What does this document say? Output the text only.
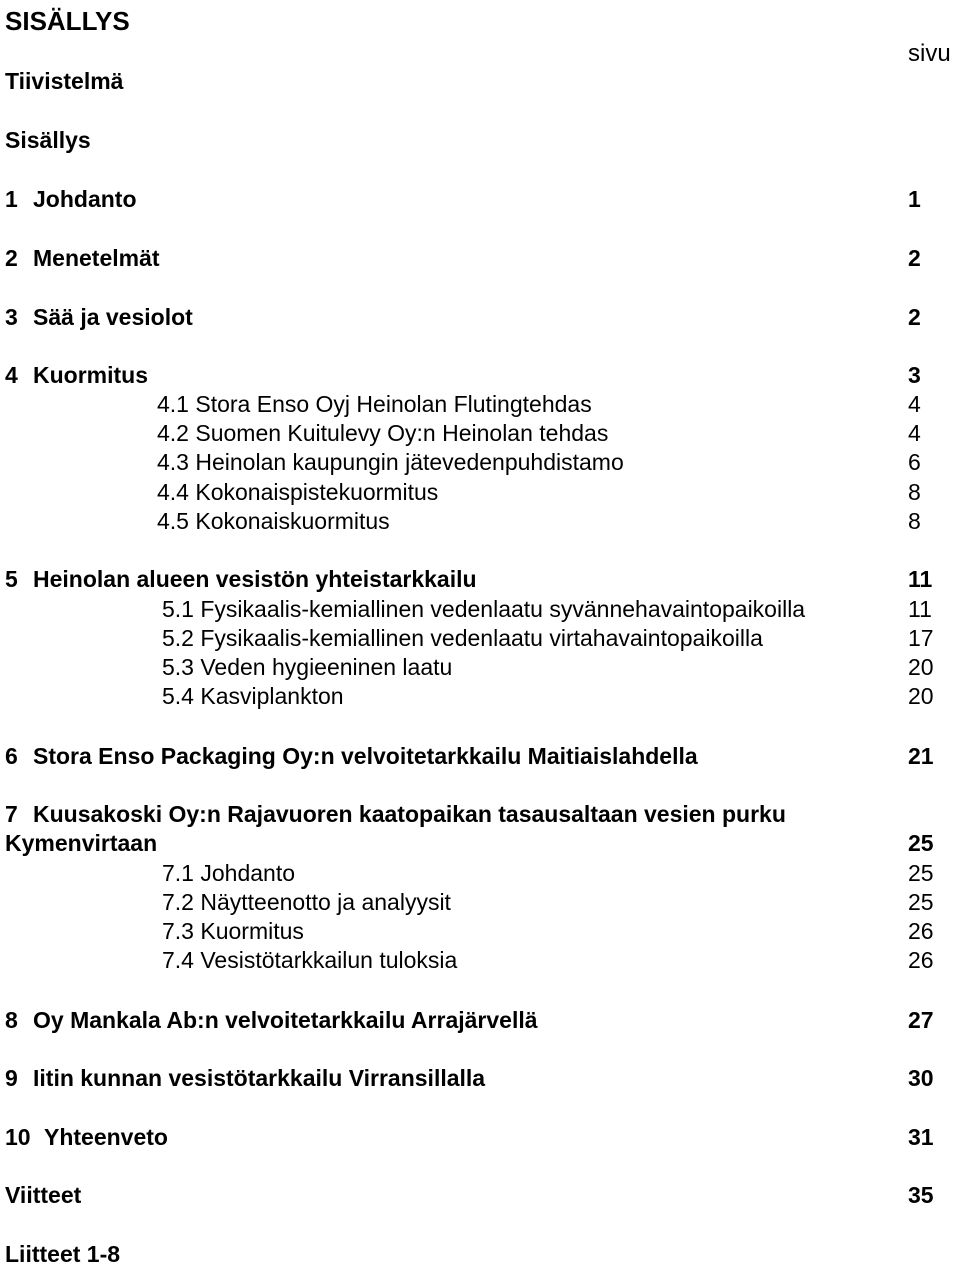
SISÄLLYS
sivu
Tiivistelmä
Sisällys
1 Johdanto	1
2 Menetelmät	2
3 Sää ja vesiolot	2
4 Kuormitus	3
4.1 Stora Enso Oyj Heinolan Flutingtehdas	4
4.2 Suomen Kuitulevy Oy:n Heinolan tehdas	4
4.3 Heinolan kaupungin jätevedenpuhdistamo	6
4.4 Kokonaispistekuormitus	8
4.5 Kokonaiskuormitus	8
5 Heinolan alueen vesistön yhteistarkkailu	11
5.1 Fysikaalis-kemiallinen vedenlaatu syvännehavaintopaikoilla	11
5.2 Fysikaalis-kemiallinen vedenlaatu virtahavaintopaikoilla	17
5.3 Veden hygieeninen laatu	20
5.4 Kasviplankton	20
6 Stora Enso Packaging Oy:n velvoitetarkkailu Maitiaislahdella	21
7 Kuusakoski Oy:n Rajavuoren kaatopaikan tasausaltaan vesien purku
Kymenvirtaan	25
7.1 Johdanto	25
7.2 Näytteenotto ja analyysit	25
7.3 Kuormitus	26
7.4 Vesistötarkkailun tuloksia	26
8 Oy Mankala Ab:n velvoitetarkkailu Arrajärvellä	27
9 Iitin kunnan vesistötarkkailu Virransillalla	30
10 Yhteenveto	31
Viitteet	35
Liitteet 1-8
